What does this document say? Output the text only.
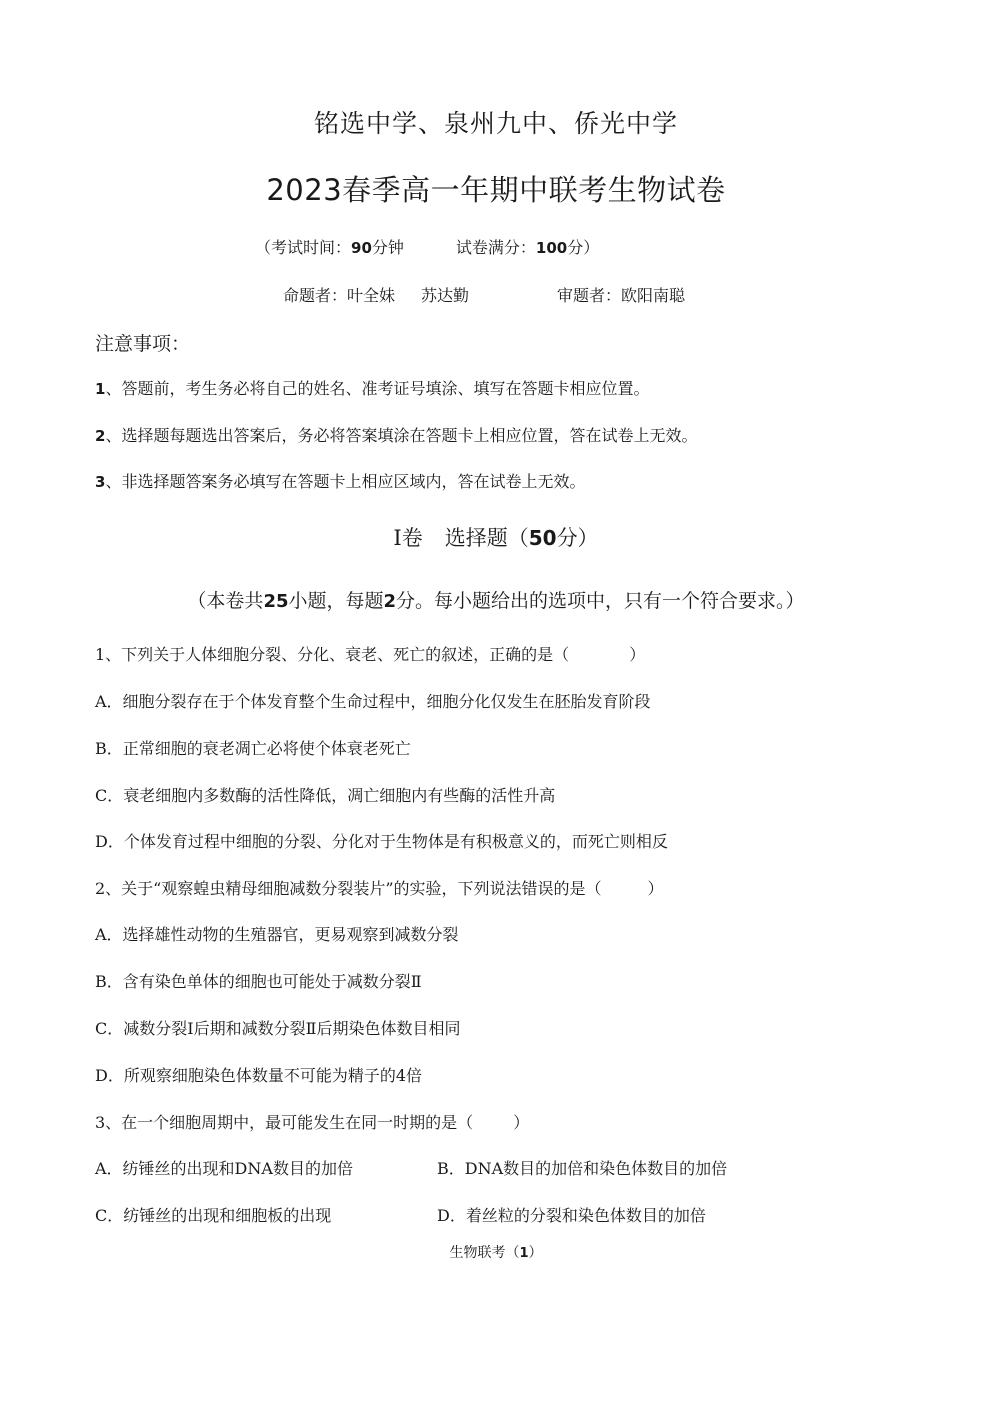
铭选中学、泉州九中、侨光中学
2023春季高一年期中联考生物试卷
（考试时间：90分钟	试卷满分：100分）
命题者：叶全妹 苏达勤	审题者：欧阳南聪
注意事项：
1、答题前，考生务必将自己的姓名、准考证号填涂、填写在答题卡相应位置。
2、选择题每题选出答案后，务必将答案填涂在答题卡上相应位置，答在试卷上无效。
3、非选择题答案务必填写在答题卡上相应区域内，答在试卷上无效。
Ⅰ卷 选择题（50分）
（本卷共25小题，每题2分。每小题给出的选项中，只有一个符合要求。）
1、下列关于人体细胞分裂、分化、衰老、死亡的叙述，正确的是（	）
A．细胞分裂存在于个体发育整个生命过程中，细胞分化仅发生在胚胎发育阶段
B．正常细胞的衰老凋亡必将使个体衰老死亡
C．衰老细胞内多数酶的活性降低，凋亡细胞内有些酶的活性升高
D．个体发育过程中细胞的分裂、分化对于生物体是有积极意义的，而死亡则相反
2、关于“观察蝗虫精母细胞减数分裂装片”的实验，下列说法错误的是（	）
A．选择雄性动物的生殖器官，更易观察到减数分裂
B．含有染色单体的细胞也可能处于减数分裂Ⅱ
C．减数分裂Ⅰ后期和减数分裂Ⅱ后期染色体数目相同
D．所观察细胞染色体数量不可能为精子的4倍
3、在一个细胞周期中，最可能发生在同一时期的是（	）
A．纺锤丝的出现和DNA数目的加倍	B．DNA数目的加倍和染色体数目的加倍
C．纺锤丝的出现和细胞板的出现	D．着丝粒的分裂和染色体数目的加倍
生物联考（1）
